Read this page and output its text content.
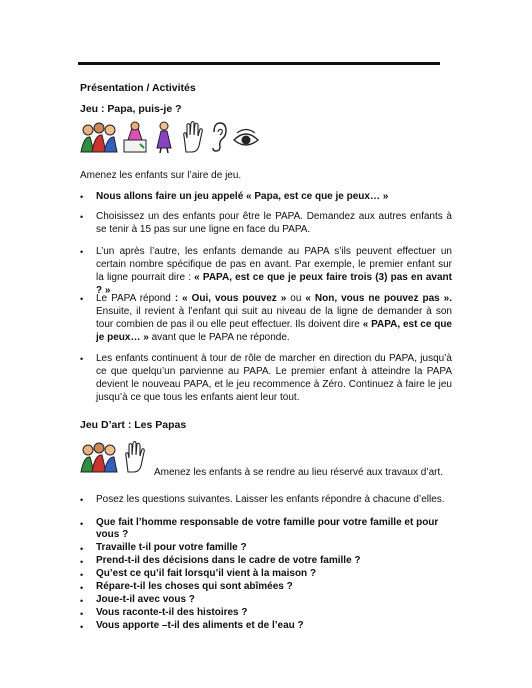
Présentation / Activités
Jeu : Papa, puis-je ?
Amenez les enfants sur l’aire de jeu.
• Nous allons faire un jeu appelé « Papa, est ce que je peux… »
• Choisissez un des enfants pour être le PAPA. Demandez aux autres enfants à se tenir à 15 pas sur une ligne en face du PAPA.
• L’un après l’autre, les enfants demande au PAPA s’ils peuvent effectuer un certain nombre spécifique de pas en avant. Par exemple, le premier enfant sur la ligne pourrait dire : « PAPA, est ce que je peux faire trois (3) pas en avant ? »
• Le PAPA répond : « Oui, vous pouvez » ou « Non, vous ne pouvez pas ». Ensuite, il revient à l’enfant qui suit au niveau de la ligne de demander à son tour combien de pas il ou elle peut effectuer. Ils doivent dire « PAPA, est ce que je peux… » avant que le PAPA ne réponde.
• Les enfants continuent à tour de rôle de marcher en direction du PAPA, jusqu’à ce que quelqu’un parvienne au PAPA. Le premier enfant à atteindre la PAPA devient le nouveau PAPA, et le jeu recommence à Zéro. Continuez à faire le jeu jusqu’à ce que tous les enfants aient leur tout.
Jeu D’art : Les Papas
Amenez les enfants à se rendre au lieu réservé aux travaux d’art.
• Posez les questions suivantes. Laisser les enfants répondre à chacune d’elles.
• Que fait l’homme responsable de votre famille pour votre famille et pour vous ?
• Travaille t-il pour votre famille ?
• Prend-t-il des décisions dans le cadre de votre famille ?
• Qu’est ce qu’il fait lorsqu’il vient à la maison ?
• Répare-t-il les choses qui sont abîmées ?
• Joue-t-il avec vous ?
• Vous raconte-t-il des histoires ?
• Vous apporte –t-il des aliments et de l’eau ?
